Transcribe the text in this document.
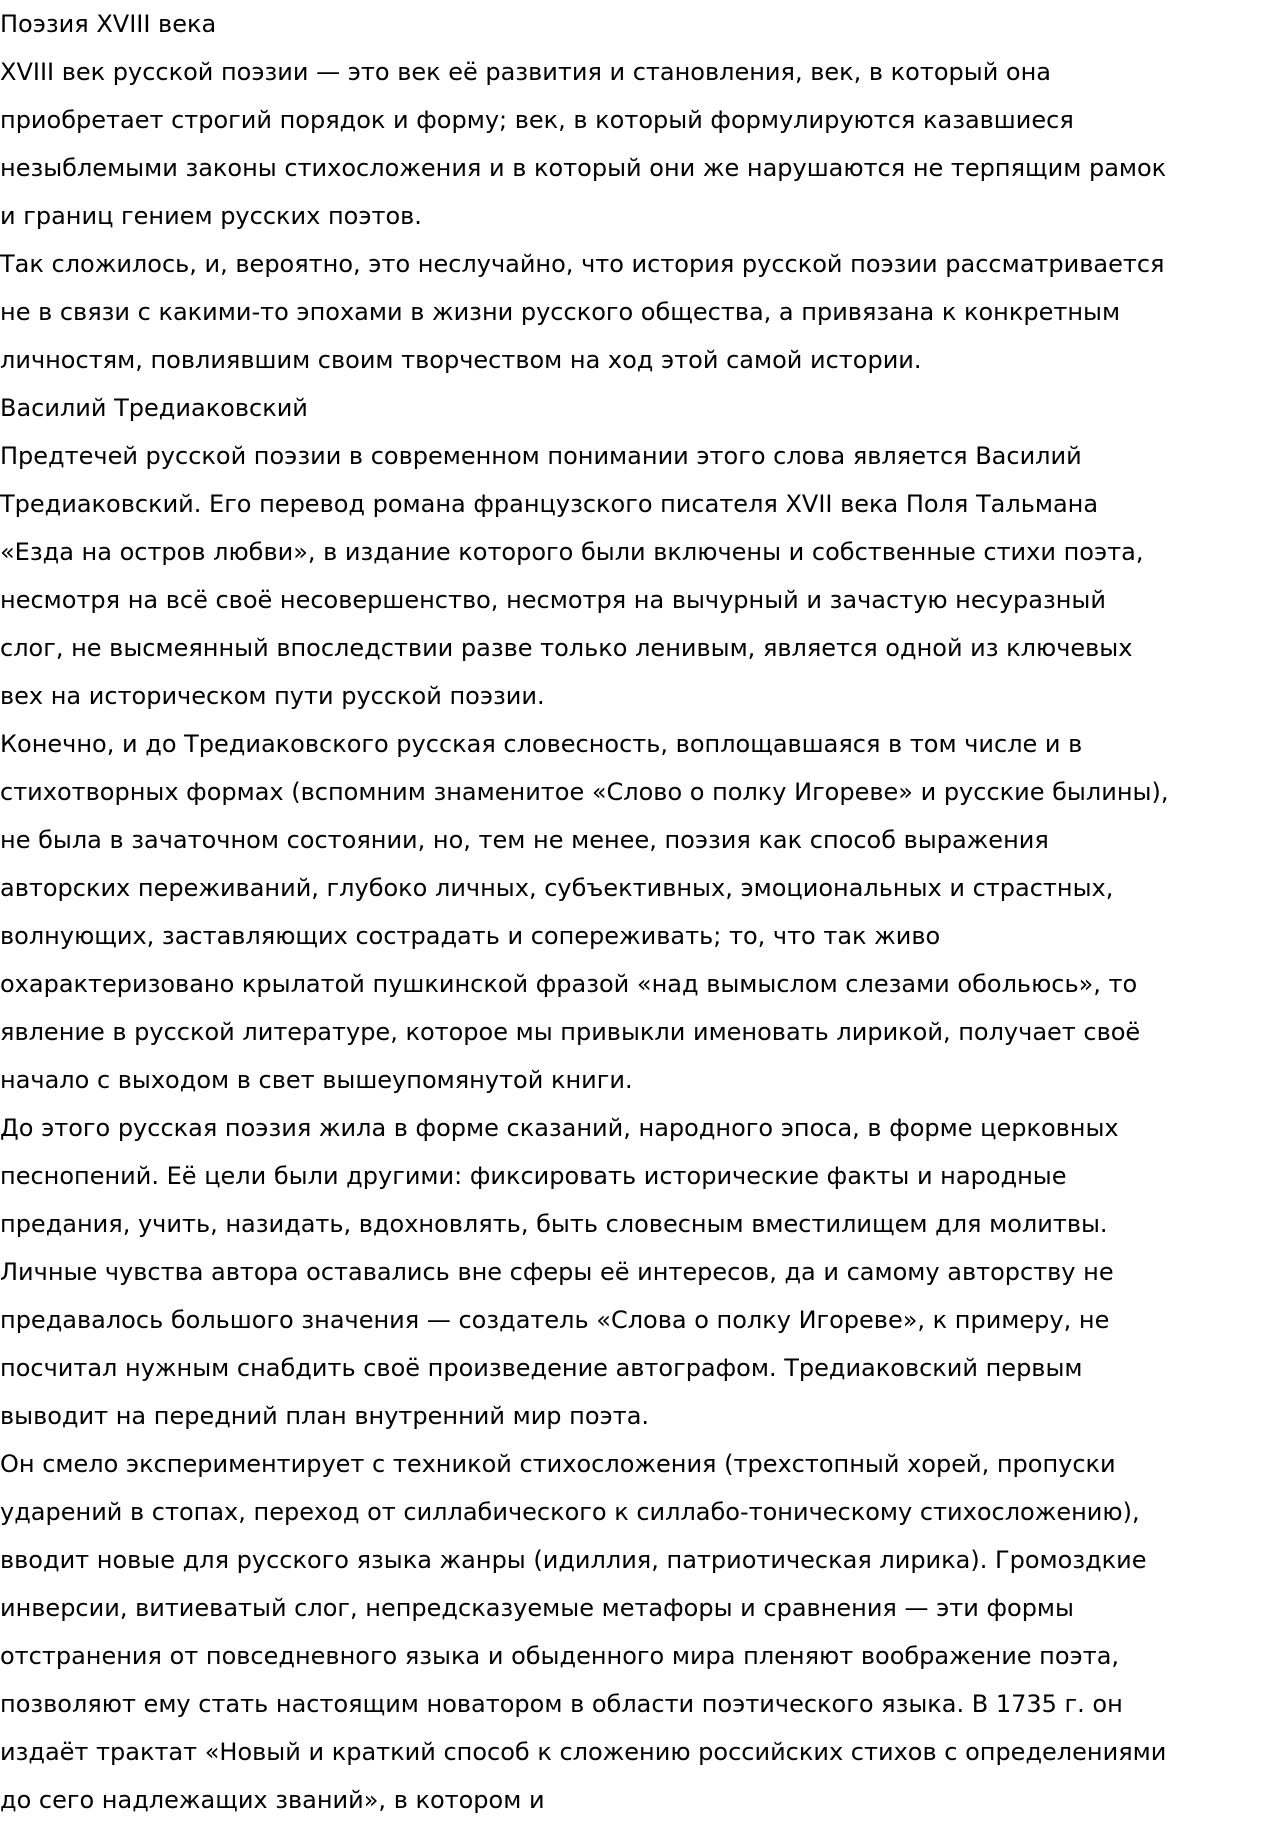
Поэзия XVIII века
XVIII век русской поэзии — это век её развития и становления, век, в который она
приобретает строгий порядок и форму; век, в который формулируются казавшиеся
незыблемыми законы стихосложения и в который они же нарушаются не терпящим рамок
и границ гением русских поэтов.
Так сложилось, и, вероятно, это неслучайно, что история русской поэзии рассматривается
не в связи с какими-то эпохами в жизни русского общества, а привязана к конкретным
личностям, повлиявшим своим творчеством на ход этой самой истории.
Василий Тредиаковский
Предтечей русской поэзии в современном понимании этого слова является Василий
Тредиаковский. Его перевод романа французского писателя XVII века Поля Тальмана
«Езда на остров любви», в издание которого были включены и собственные стихи поэта,
несмотря на всё своё несовершенство, несмотря на вычурный и зачастую несуразный
слог, не высмеянный впоследствии разве только ленивым, является одной из ключевых
вех на историческом пути русской поэзии.
Конечно, и до Тредиаковского русская словесность, воплощавшаяся в том числе и в
стихотворных формах (вспомним знаменитое «Слово о полку Игореве» и русские былины),
не была в зачаточном состоянии, но, тем не менее, поэзия как способ выражения
авторских переживаний, глубоко личных, субъективных, эмоциональных и страстных,
волнующих, заставляющих сострадать и сопереживать; то, что так живо
охарактеризовано крылатой пушкинской фразой «над вымыслом слезами обольюсь», то
явление в русской литературе, которое мы привыкли именовать лирикой, получает своё
начало с выходом в свет вышеупомянутой книги.
До этого русская поэзия жила в форме сказаний, народного эпоса, в форме церковных
песнопений. Её цели были другими: фиксировать исторические факты и народные
предания, учить, назидать, вдохновлять, быть словесным вместилищем для молитвы.
Личные чувства автора оставались вне сферы её интересов, да и самому авторству не
предавалось большого значения — создатель «Слова о полку Игореве», к примеру, не
посчитал нужным снабдить своё произведение автографом. Тредиаковский первым
выводит на передний план внутренний мир поэта.
Он смело экспериментирует с техникой стихосложения (трехстопный хорей, пропуски
ударений в стопах, переход от силлабического к силлабо-тоническому стихосложению),
вводит новые для русского языка жанры (идиллия, патриотическая лирика). Громоздкие
инверсии, витиеватый слог, непредсказуемые метафоры и сравнения — эти формы
отстранения от повседневного языка и обыденного мира пленяют воображение поэта,
позволяют ему стать настоящим новатором в области поэтического языка. В 1735 г. он
издаёт трактат «Новый и краткий способ к сложению российских стихов с определениями
до сего надлежащих званий», в котором и
